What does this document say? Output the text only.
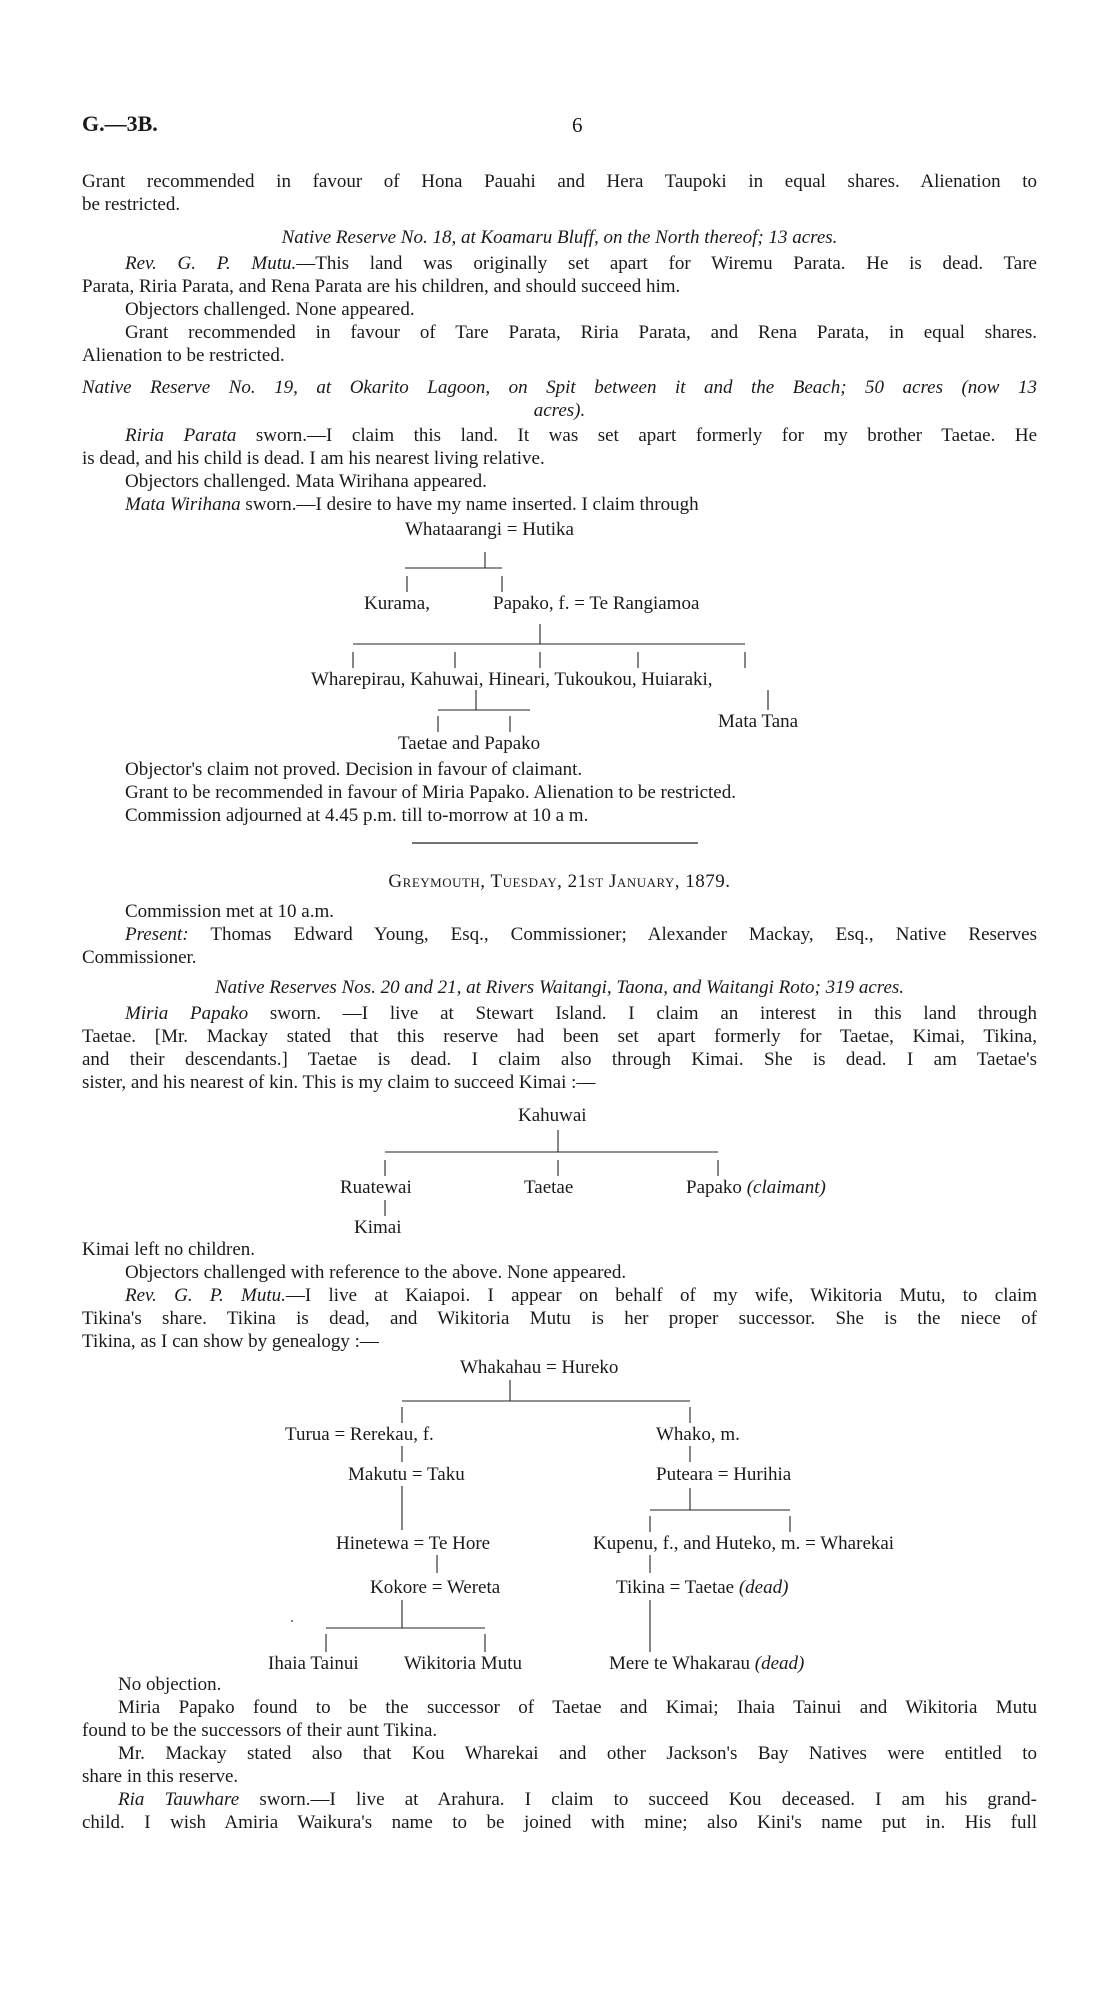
G.—3B.	6
Grant recommended in favour of Hona Pauahi and Hera Taupoki in equal shares. Alienation to
be restricted.
Native Reserve No. 18, at Koamaru Bluff, on the North thereof; 13 acres.
Rev. G. P. Mutu.—This land was originally set apart for Wiremu Parata. He is dead. Tare
Parata, Riria Parata, and Rena Parata are his children, and should succeed him.
Objectors challenged. None appeared.
Grant recommended in favour of Tare Parata, Riria Parata, and Rena Parata, in equal shares.
Alienation to be restricted.
Native Reserve No. 19, at Okarito Lagoon, on Spit between it and the Beach; 50 acres (now 13
acres).
Riria Parata sworn.—I claim this land. It was set apart formerly for my brother Taetae. He
is dead, and his child is dead. I am his nearest living relative.
Objectors challenged. Mata Wirihana appeared.
Mata Wirihana sworn.—I desire to have my name inserted. I claim through
Whataarangi = Hutika
Kurama,	Papako, f. = Te Rangiamoa
Wharepirau, Kahuwai, Hineari, Tukoukou, Huiaraki,
Taetae and Papako
Mata Tana
Objector's claim not proved. Decision in favour of claimant.
Grant to be recommended in favour of Miria Papako. Alienation to be restricted.
Commission adjourned at 4.45 p.m. till to-morrow at 10 a m.
Greymouth, Tuesday, 21st January, 1879.
Commission met at 10 a.m.
Present: Thomas Edward Young, Esq., Commissioner; Alexander Mackay, Esq., Native Reserves
Commissioner.
Native Reserves Nos. 20 and 21, at Rivers Waitangi, Taona, and Waitangi Roto; 319 acres.
Miria Papako sworn. —I live at Stewart Island. I claim an interest in this land through
Taetae. [Mr. Mackay stated that this reserve had been set apart formerly for Taetae, Kimai, Tikina,
and their descendants.] Taetae is dead. I claim also through Kimai. She is dead. I am Taetae's
sister, and his nearest of kin. This is my claim to succeed Kimai :—
Kahuwai
Ruatewai	Taetae	Papako (claimant)
Kimai
Kimai left no children.
Objectors challenged with reference to the above. None appeared.
Rev. G. P. Mutu.—I live at Kaiapoi. I appear on behalf of my wife, Wikitoria Mutu, to claim
Tikina's share. Tikina is dead, and Wikitoria Mutu is her proper successor. She is the niece of
Tikina, as I can show by genealogy :—
Whakahau = Hureko
Turua = Rerekau, f.	Whako, m.
Makutu = Taku	Puteara = Hurihia
Hinetewa = Te Hore	Kupenu, f., and Huteko, m. = Wharekai
Kokore = Wereta	Tikina = Taetae (dead)
Ihaia Tainui Wikitoria Mutu	Mere te Whakarau (dead)
No objection.
Miria Papako found to be the successor of Taetae and Kimai; Ihaia Tainui and Wikitoria Mutu
found to be the successors of their aunt Tikina.
Mr. Mackay stated also that Kou Wharekai and other Jackson's Bay Natives were entitled to
share in this reserve.
Ria Tauwhare sworn.—I live at Arahura. I claim to succeed Kou deceased. I am his grand-
child. I wish Amiria Waikura's name to be joined with mine; also Kini's name put in. His full
